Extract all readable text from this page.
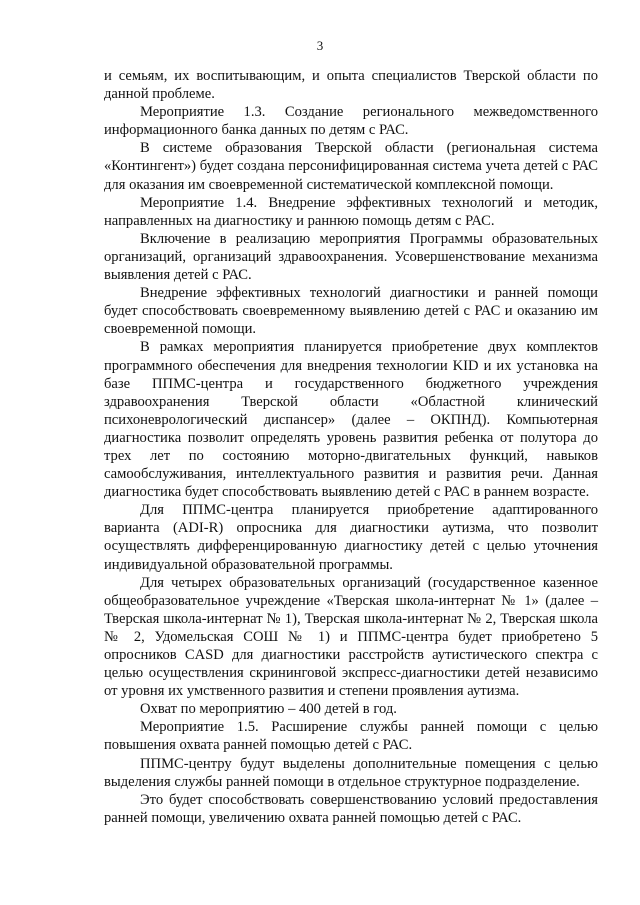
3

и семьям, их воспитывающим, и опыта специалистов Тверской области по данной проблеме.

Мероприятие 1.3. Создание регионального межведомственного информационного банка данных по детям с РАС.

В системе образования Тверской области (региональная система «Контингент») будет создана персонифицированная система учета детей с РАС для оказания им своевременной систематической комплексной помощи.

Мероприятие 1.4. Внедрение эффективных технологий и методик, направленных на диагностику и раннюю помощь детям с РАС.

Включение в реализацию мероприятия Программы образовательных организаций, организаций здравоохранения. Усовершенствование механизма выявления детей с РАС.

Внедрение эффективных технологий диагностики и ранней помощи будет способствовать своевременному выявлению детей с РАС и оказанию им своевременной помощи.

В рамках мероприятия планируется приобретение двух комплектов программного обеспечения для внедрения технологии KID и их установка на базе ППМС-центра и государственного бюджетного учреждения здравоохранения Тверской области «Областной клинический психоневрологический диспансер» (далее – ОКПНД). Компьютерная диагностика позволит определять уровень развития ребенка от полутора до трех лет по состоянию моторно-двигательных функций, навыков самообслуживания, интеллектуального развития и развития речи. Данная диагностика будет способствовать выявлению детей с РАС в раннем возрасте.

Для ППМС-центра планируется приобретение адаптированного варианта (ADI-R) опросника для диагностики аутизма, что позволит осуществлять дифференцированную диагностику детей с целью уточнения индивидуальной образовательной программы.

Для четырех образовательных организаций (государственное казенное общеобразовательное учреждение «Тверская школа-интернат № 1» (далее – Тверская школа-интернат № 1), Тверская школа-интернат № 2, Тверская школа № 2, Удомельская СОШ № 1) и ППМС-центра будет приобретено 5 опросников CASD для диагностики расстройств аутистического спектра с целью осуществления скрининговой экспресс-диагностики детей независимо от уровня их умственного развития и степени проявления аутизма.

Охват по мероприятию – 400 детей в год.

Мероприятие 1.5. Расширение службы ранней помощи с целью повышения охвата ранней помощью детей с РАС.

ППМС-центру будут выделены дополнительные помещения с целью выделения службы ранней помощи в отдельное структурное подразделение.

Это будет способствовать совершенствованию условий предоставления ранней помощи, увеличению охвата ранней помощью детей с РАС.
